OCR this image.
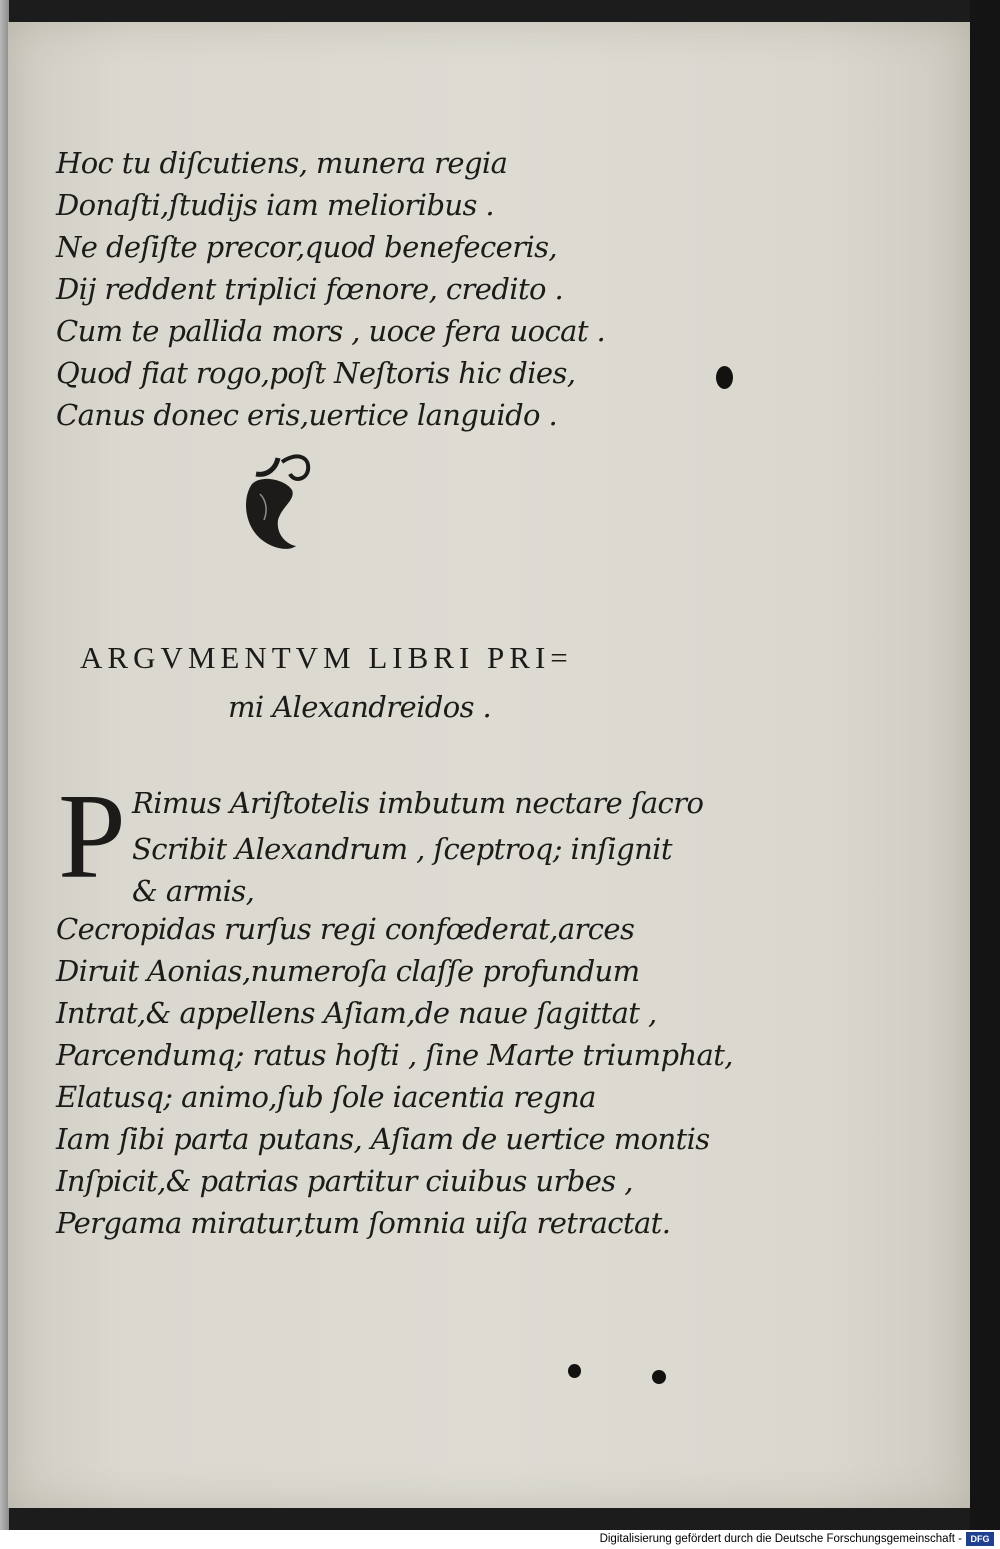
Hoc tu diſcutiens, munera regia
Donaſti,ſtudijs iam melioribus .
Ne deſiſte precor,quod benefeceris,
Dij reddent triplici fœnore, credito .
Cum te pallida mors , uoce fera uocat .
Quod fiat rogo,poſt Neſtoris hic dies,
Canus donec eris,uertice languido .
ARGVMENTVM LIBRI PRI=
mi Alexandreidos .
P Rimus Ariſtotelis imbutum nectare ſacro
Scribit Alexandrum , ſceptroq; inſignit & armis,
Cecropidas rurſus regi confœderat,arces
Diruit Aonias,numeroſa claſſe profundum
Intrat,& appellens Aſiam,de naue ſagittat ,
Parcendumq; ratus hoſti , ſine Marte triumphat,
Elatusq; animo,ſub ſole iacentia regna
Iam ſibi parta putans, Aſiam de uertice montis
Inſpicit,& patrias partitur ciuibus urbes ,
Pergama miratur,tum ſomnia uiſa retractat.
Digitalisierung gefördert durch die Deutsche Forschungsgemeinschaft - DFG
